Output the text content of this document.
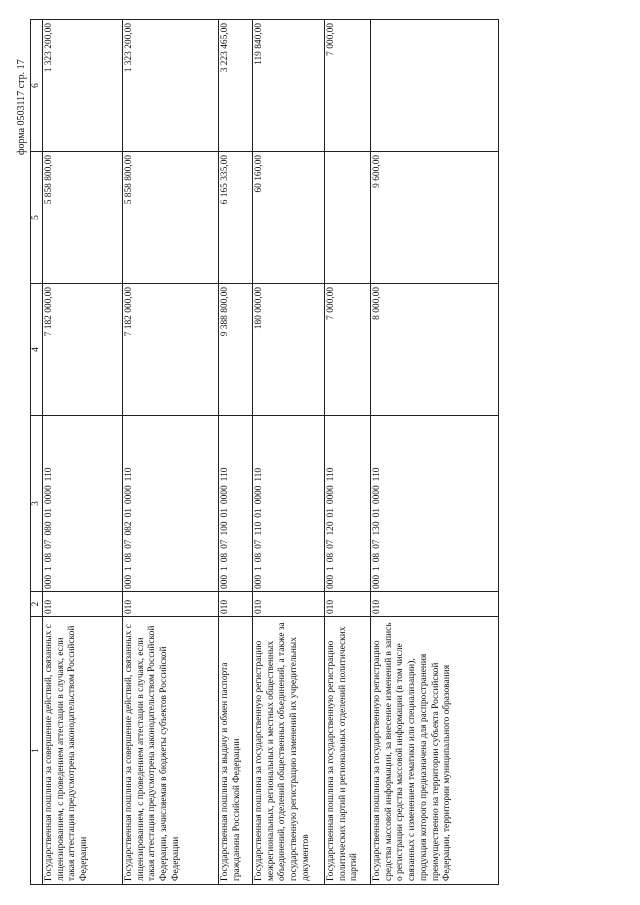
форма 0503117 стр. 17
1	2	3	4	5	6
Государственная пошлина за совершение действий, связанных с лицензированием, с проведением аттестации в случаях, если такая аттестация предусмотрена законодательством Российской Федерации	010	00010807080010000110	7 182 000,00	5 858 800,00	1 323 200,00
Государственная пошлина за совершение действий, связанных с лицензированием, с проведением аттестации в случаях, если такая аттестация предусмотрена законодательством Российской Федерации, зачисляемая в бюджеты субъектов Российской Федерации	010	00010807082010000110	7 182 000,00	5 858 800,00	1 323 200,00
Государственная пошлина за выдачу и обмен паспорта гражданина Российской Федерации	010	00010807100010000110	9 388 800,00	6 165 335,00	3 223 465,00
Государственная пошлина за государственную регистрацию межрегиональных, региональных и местных общественных объединений, отделений общественных объединений, а также за государственную регистрацию изменений их учредительных документов	010	00010807110010000110	180 000,00	60 160,00	119 840,00
Государственная пошлина за государственную регистрацию политических партий и региональных отделений политических партий	010	00010807120010000110	7 000,00		7 000,00
Государственная пошлина за государственную регистрацию средства массовой информации, за внесение изменений в запись о регистрации средства массовой информации (в том числе связанных с изменением тематики или специализации), продукция которого предназначена для распространения преимущественно на территории субъекта Российской Федерации, территории муниципального образования	010	00010807130010000110	8 000,00	9 600,00	
